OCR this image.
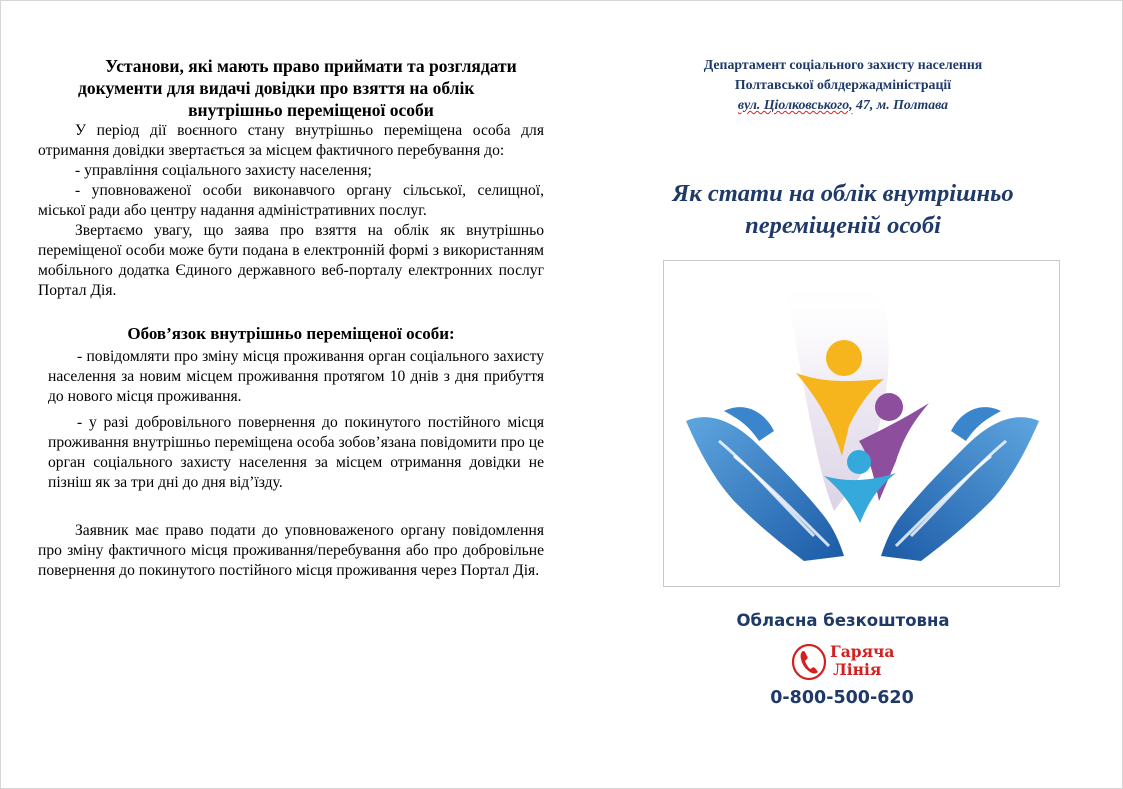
Установи, які мають право приймати та розглядати
документи для видачі довідки про взяття на облік
внутрішньо переміщеної особи

У період дії воєнного стану внутрішньо переміщена особа для отримання довідки звертається за місцем фактичного перебування до:

- управління соціального захисту населення;

- уповноваженої особи виконавчого органу сільської, селищної, міської ради або центру надання адміністративних послуг.

Звертаємо увагу, що заява про взяття на облік як внутрішньо переміщеної особи може бути подана в електронній формі з використанням мобільного додатка Єдиного державного веб-порталу електронних послуг Портал Дія.

Обов’язок внутрішньо переміщеної особи:

- повідомляти про зміну місця проживання орган соціального захисту населення за новим місцем проживання протягом 10 днів з дня прибуття до нового місця проживання.

- у разі добровільного повернення до покинутого постійного місця проживання внутрішньо переміщена особа зобов’язана повідомити про це орган соціального захисту населення за місцем отримання довідки не пізніш як за три дні до дня від’їзду.

Заявник має право подати до уповноваженого органу повідомлення про зміну фактичного місця проживання/перебування або про добровільне повернення до покинутого постійного місця проживання через Портал Дія.

Департамент соціального захисту населення
Полтавської облдержадміністрації
вул. Ціолковського, 47, м. Полтава
Як стати на облік внутрішньо
переміщеній особі
Обласна безкоштовна
Гаряча
Лінія
0-800-500-620
